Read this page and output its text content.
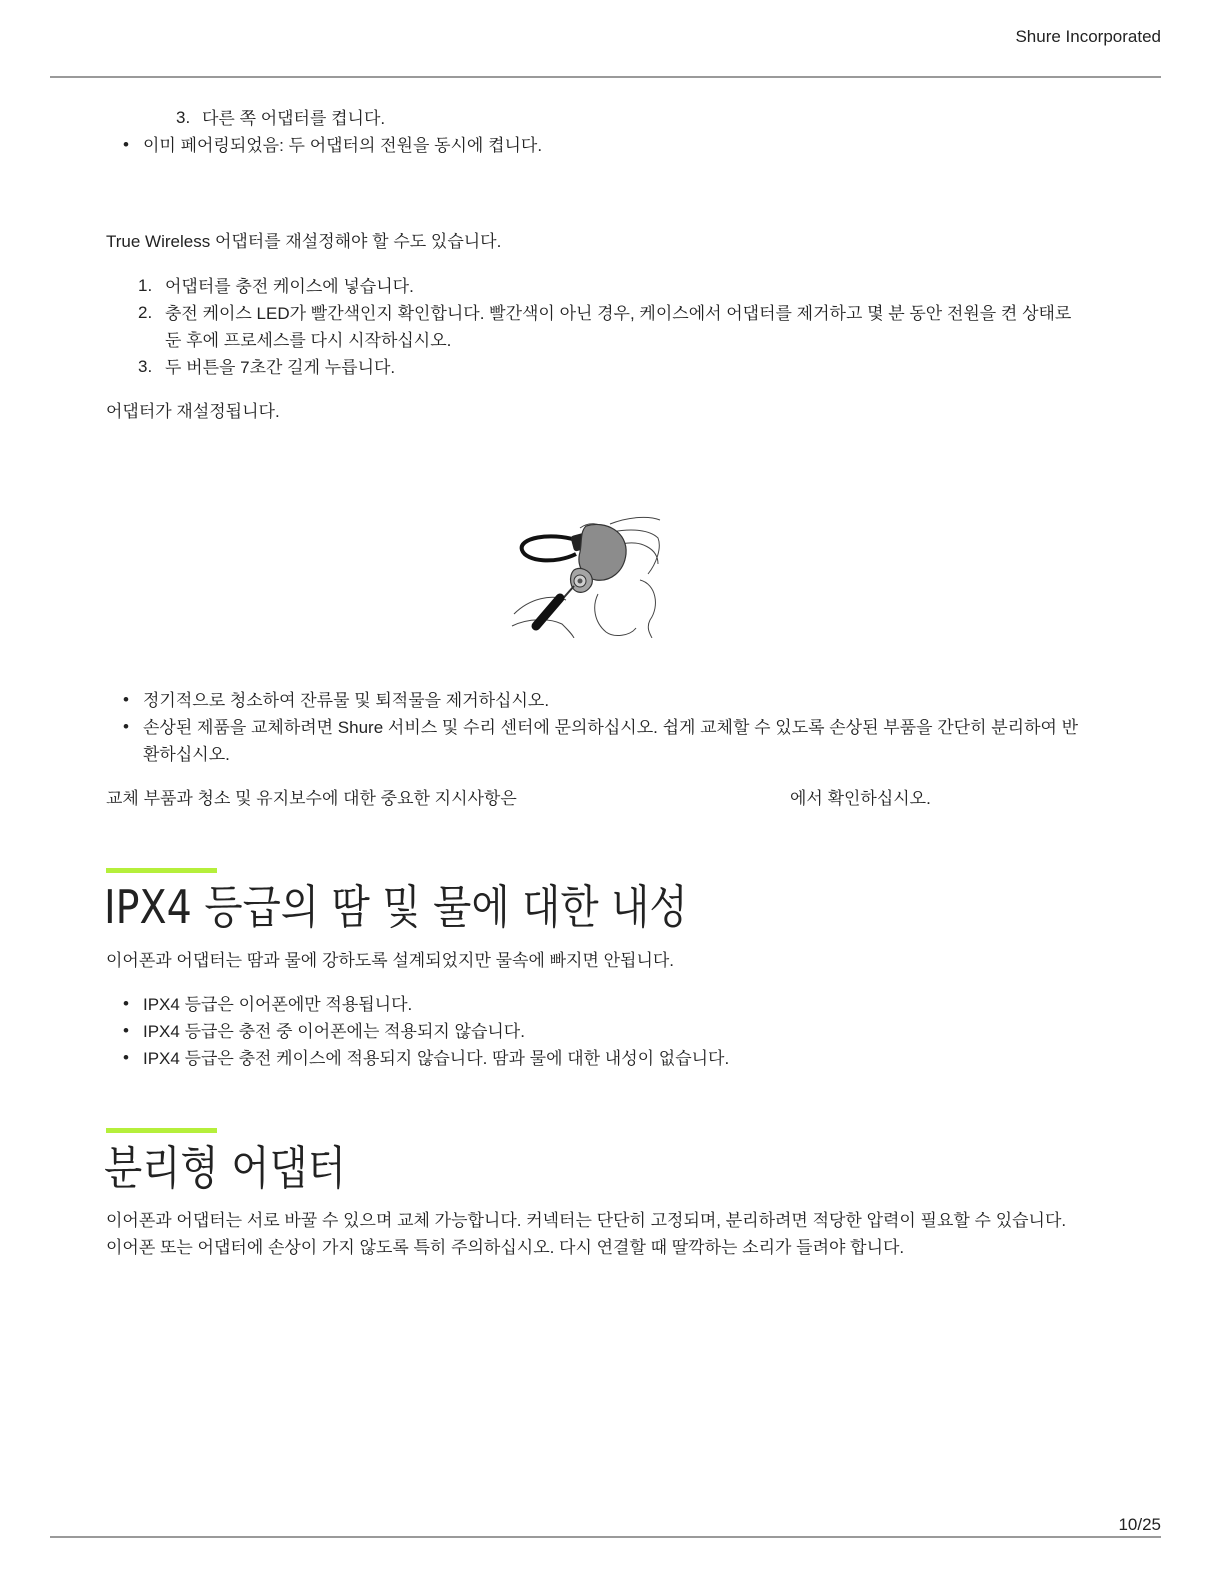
Shure Incorporated
3. 다른 쪽 어댑터를 켭니다.
• 이미 페어링되었음: 두 어댑터의 전원을 동시에 켭니다.
True Wireless 어댑터를 재설정해야 할 수도 있습니다.
1. 어댑터를 충전 케이스에 넣습니다.
2. 충전 케이스 LED가 빨간색인지 확인합니다. 빨간색이 아닌 경우, 케이스에서 어댑터를 제거하고 몇 분 동안 전원을 켠 상태로
둔 후에 프로세스를 다시 시작하십시오.
3. 두 버튼을 7초간 길게 누릅니다.
어댑터가 재설정됩니다.
• 정기적으로 청소하여 잔류물 및 퇴적물을 제거하십시오.
• 손상된 제품을 교체하려면 Shure 서비스 및 수리 센터에 문의하십시오. 쉽게 교체할 수 있도록 손상된 부품을 간단히 분리하여 반
환하십시오.
교체 부품과 청소 및 유지보수에 대한 중요한 지시사항은	에서 확인하십시오.
IPX4 등급의 땀 및 물에 대한 내성
이어폰과 어댑터는 땀과 물에 강하도록 설계되었지만 물속에 빠지면 안됩니다.
• IPX4 등급은 이어폰에만 적용됩니다.
• IPX4 등급은 충전 중 이어폰에는 적용되지 않습니다.
• IPX4 등급은 충전 케이스에 적용되지 않습니다. 땀과 물에 대한 내성이 없습니다.
분리형 어댑터
이어폰과 어댑터는 서로 바꿀 수 있으며 교체 가능합니다. 커넥터는 단단히 고정되며, 분리하려면 적당한 압력이 필요할 수 있습니다.
이어폰 또는 어댑터에 손상이 가지 않도록 특히 주의하십시오. 다시 연결할 때 딸깍하는 소리가 들려야 합니다.
10/25
